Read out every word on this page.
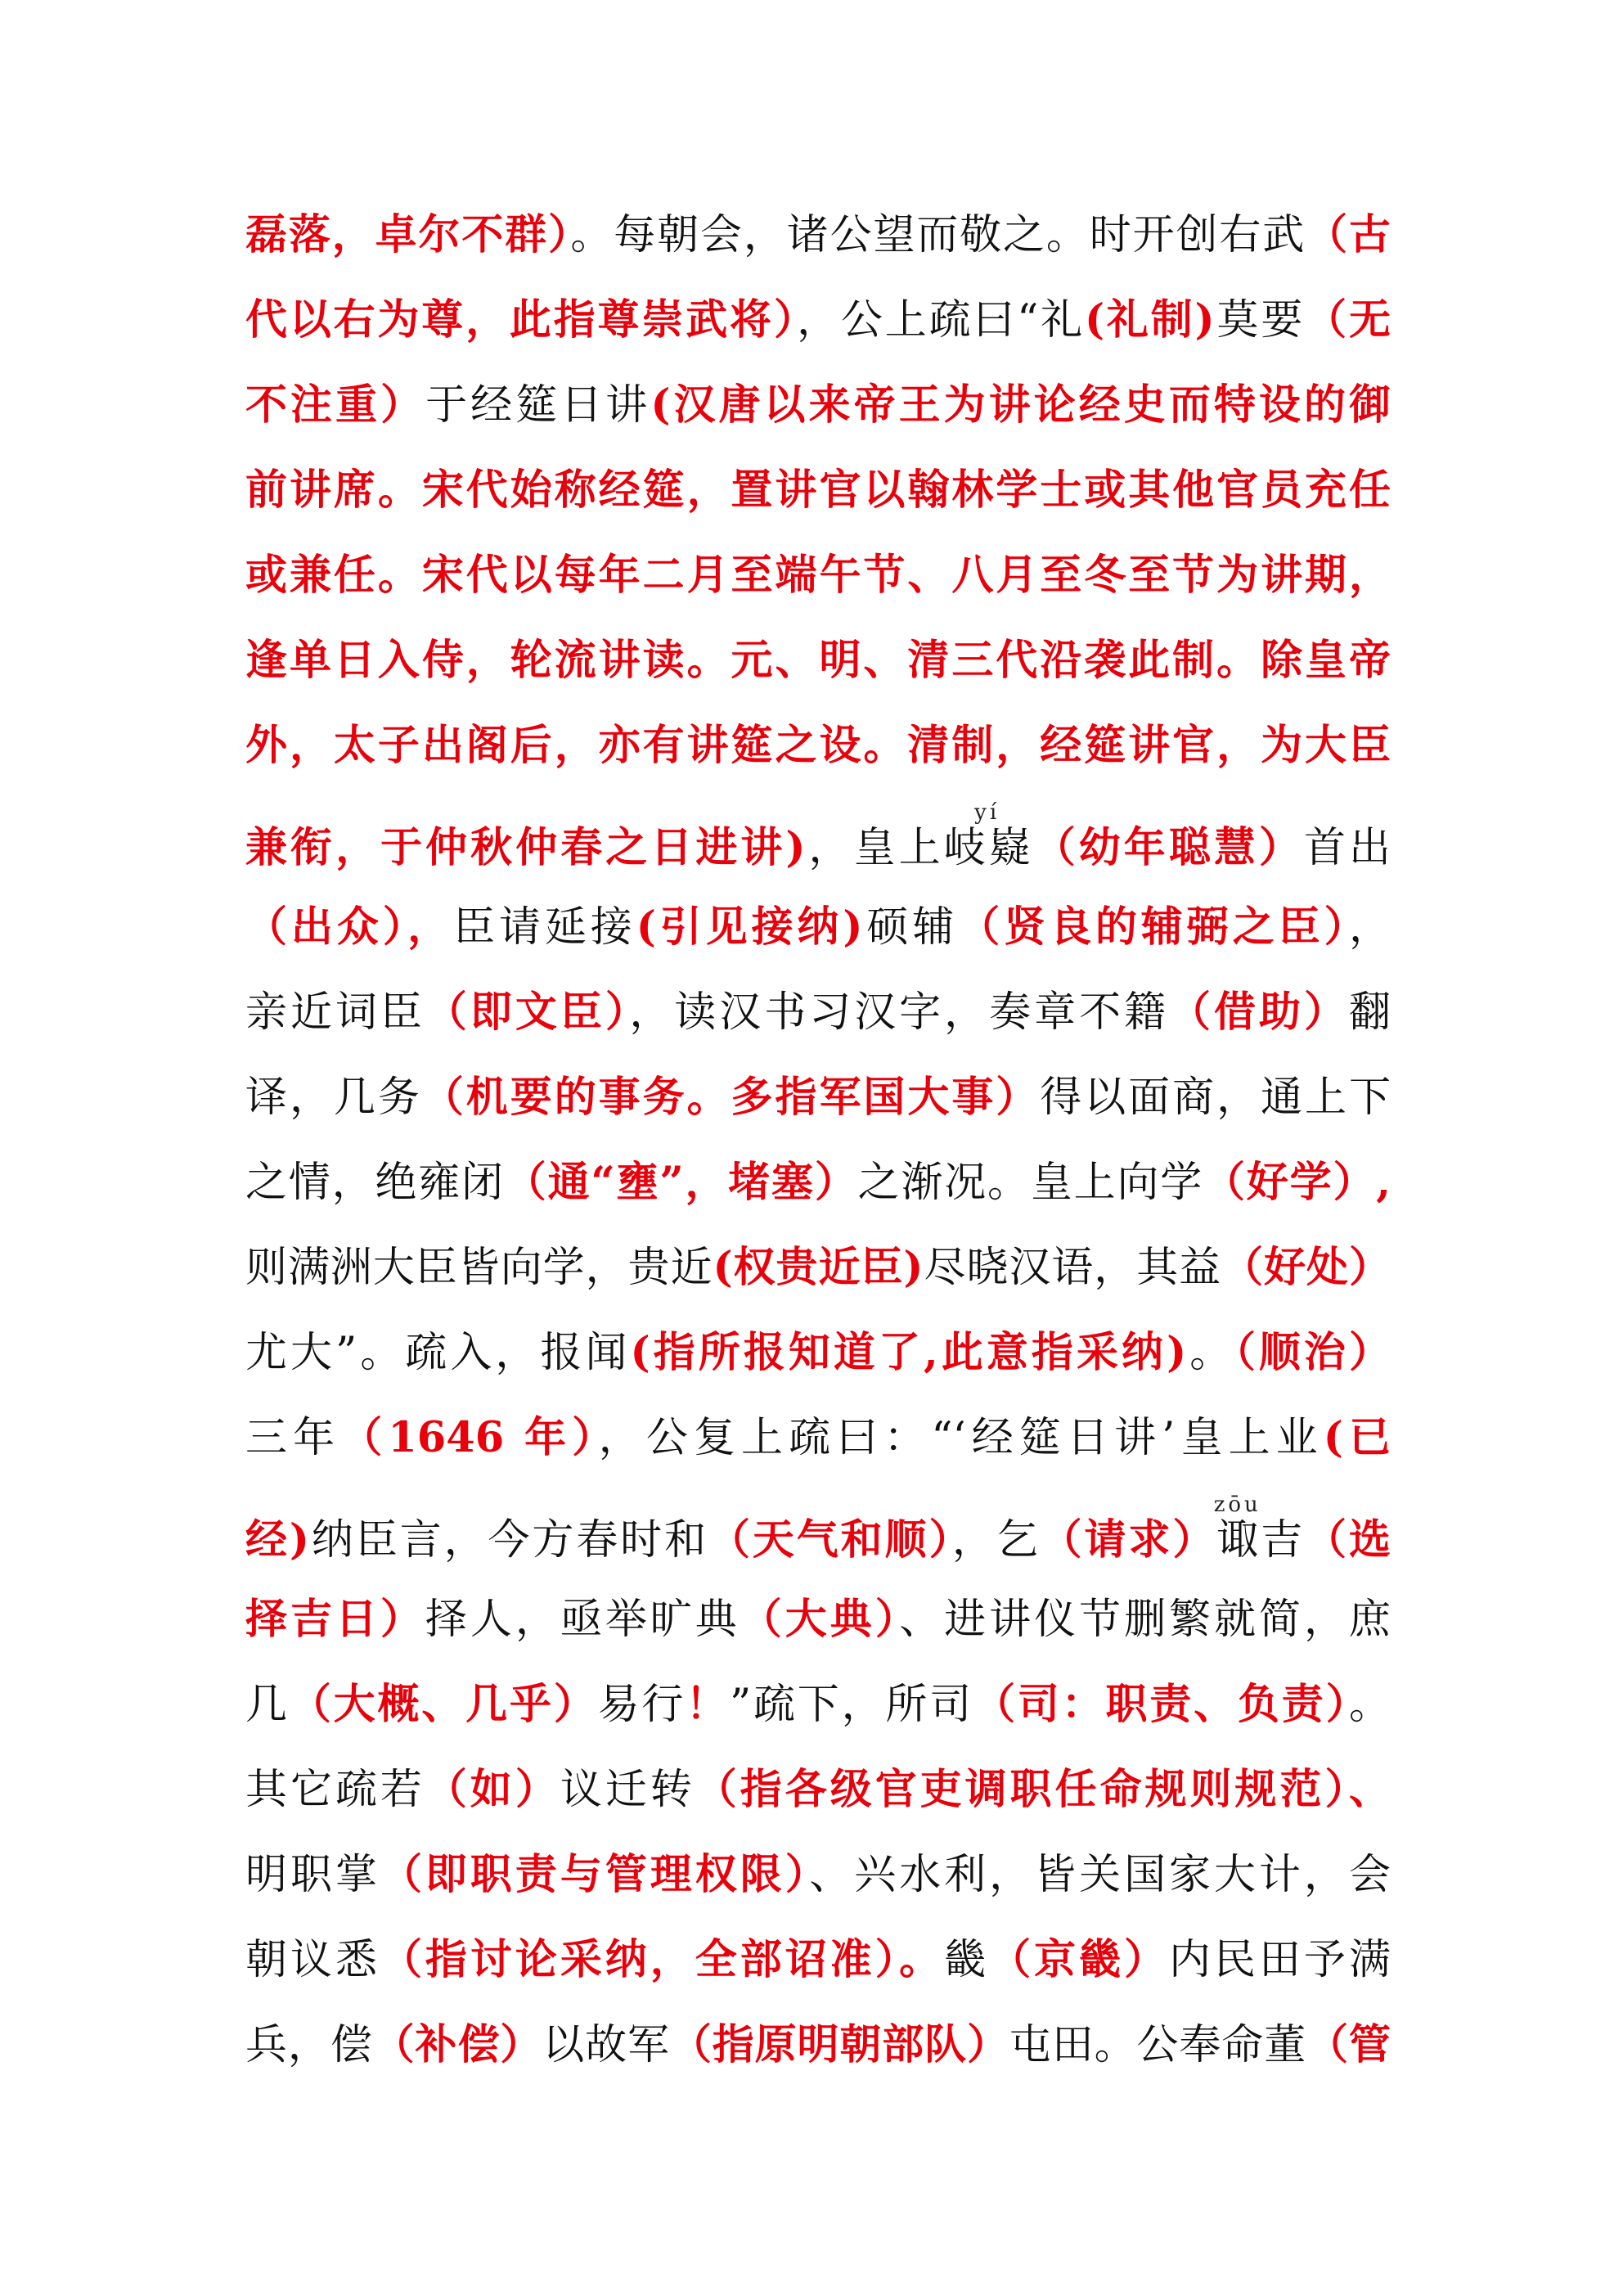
磊落，卓尔不群）。每朝会，诸公望而敬之。时开创右武（古
代以右为尊，此指尊崇武将），公上疏曰“礼(礼制)莫要（无
不注重）于经筵日讲(汉唐以来帝王为讲论经史而特设的御
前讲席。宋代始称经筵，置讲官以翰林学士或其他官员充任
或兼任。宋代以每年二月至端午节、八月至冬至节为讲期，
逢单日入侍，轮流讲读。元、明、清三代沿袭此制。除皇帝
外，太子出阁后，亦有讲筵之设。清制，经筵讲官，为大臣
兼衔，于仲秋仲春之日进讲)，皇上岐嶷yí（幼年聪慧）首出
（出众），臣请延接(引见接纳)硕辅（贤良的辅弼之臣），
亲近词臣（即文臣），读汉书习汉字，奏章不籍（借助）翻
译，几务（机要的事务。多指军国大事）得以面商，通上下
之情，绝雍闭（通“壅”，堵塞）之渐况。皇上向学（好学）,
则满洲大臣皆向学，贵近(权贵近臣)尽晓汉语，其益（好处）
尤大”。疏入，报闻(指所报知道了,此意指采纳)。（顺治）
三年（1646 年），公复上疏曰：“‘经筵日讲’皇上业(已
经)纳臣言，今方春时和（天气和顺），乞（请求）诹zōu吉（选
择吉日）择人，亟举旷典（大典）、进讲仪节删繁就简，庶
几（大概、几乎）易行！”疏下，所司（司：职责、负责）。
其它疏若（如）议迁转（指各级官吏调职任命规则规范）、
明职掌（即职责与管理权限）、兴水利，皆关国家大计，会
朝议悉（指讨论采纳，全部诏准）。畿（京畿）内民田予满
兵，偿（补偿）以故军（指原明朝部队）屯田。公奉命董（管
